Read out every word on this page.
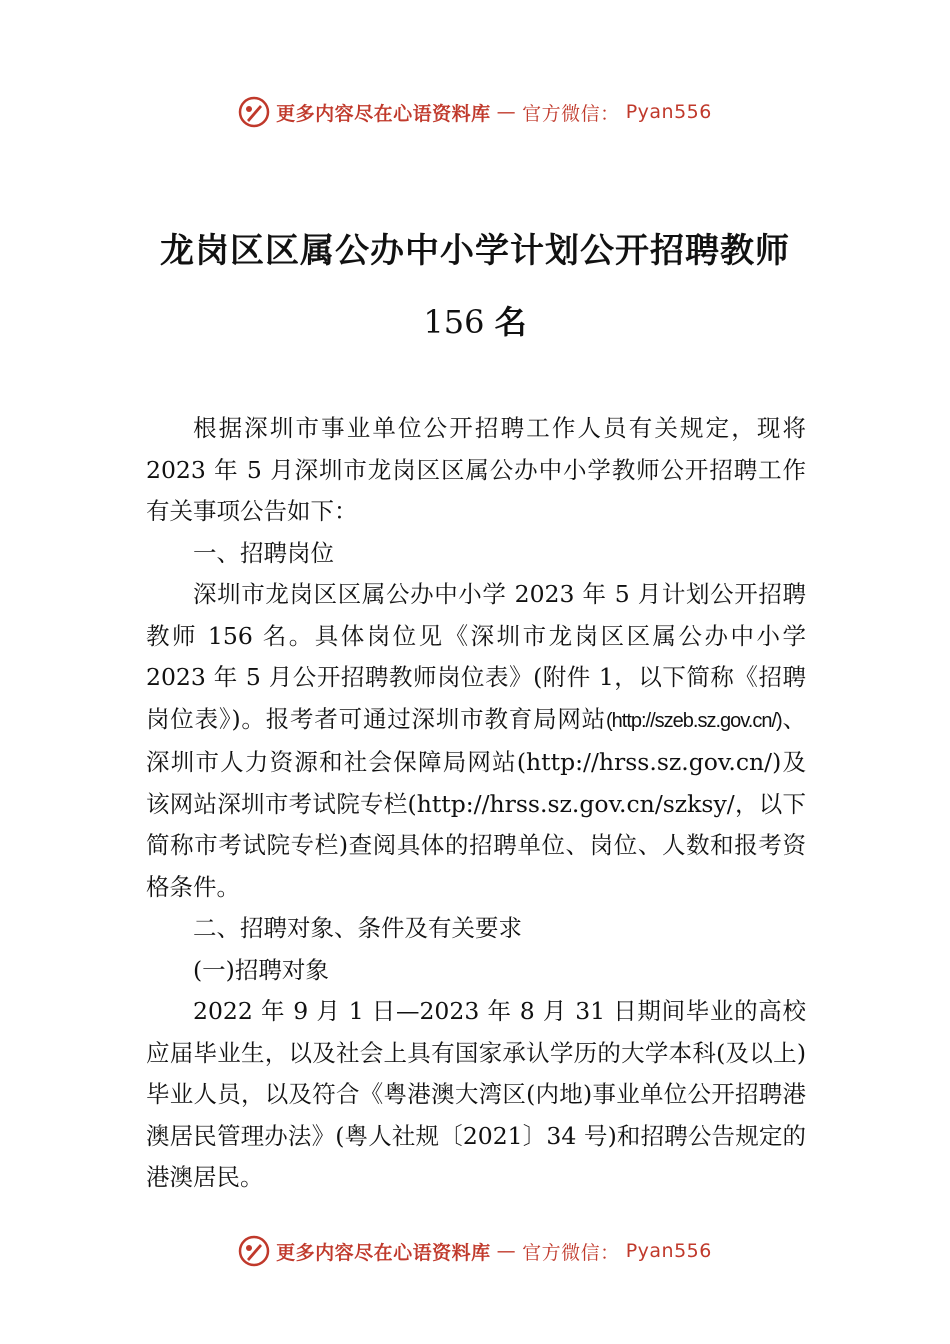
更多内容尽在心语资料库 — 官方微信： Pyan556
龙岗区区属公办中小学计划公开招聘教师
156 名

根据深圳市事业单位公开招聘工作人员有关规定，现将2023 年 5 月深圳市龙岗区区属公办中小学教师公开招聘工作有关事项公告如下：

一、招聘岗位

深圳市龙岗区区属公办中小学 2023 年 5 月计划公开招聘教师 156 名。具体岗位见《深圳市龙岗区区属公办中小学 2023 年 5 月公开招聘教师岗位表》(附件 1，以下简称《招聘岗位表》)。报考者可通过深圳市教育局网站(http://szeb.sz.gov.cn/)、深圳市人力资源和社会保障局网站(http://hrss.sz.gov.cn/)及该网站深圳市考试院专栏(http://hrss.sz.gov.cn/szksy/，以下简称市考试院专栏)查阅具体的招聘单位、岗位、人数和报考资格条件。

二、招聘对象、条件及有关要求

(一)招聘对象

2022 年 9 月 1 日—2023 年 8 月 31 日期间毕业的高校应届毕业生，以及社会上具有国家承认学历的大学本科(及以上) 毕业人员，以及符合《粤港澳大湾区(内地)事业单位公开招聘港澳居民管理办法》(粤人社规〔2021〕34 号)和招聘公告规定的港澳居民。

更多内容尽在心语资料库 — 官方微信： Pyan556
